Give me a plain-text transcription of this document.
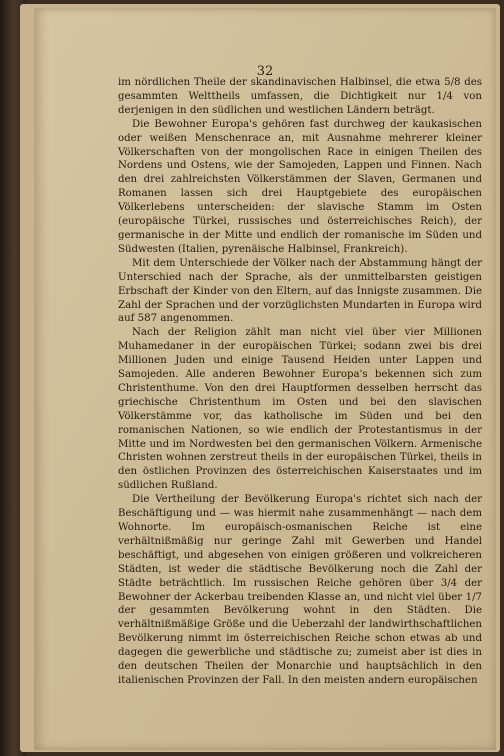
32

im nördlichen Theile der skandinavischen Halbinsel, die etwa 5/8 des gesammten Welttheils umfassen, die Dichtigkeit nur 1/4 von derjenigen in den südlichen und westlichen Ländern beträgt.

Die Bewohner Europa's gehören fast durchweg der kaukasischen oder weißen Menschenrace an, mit Ausnahme mehrerer kleiner Völkerschaften von der mongolischen Race in einigen Theilen des Nordens und Ostens, wie der Samojeden, Lappen und Finnen. Nach den drei zahlreichsten Völkerstämmen der Slaven, Germanen und Romanen lassen sich drei Hauptgebiete des europäischen Völkerlebens unterscheiden: der slavische Stamm im Osten (europäische Türkei, russisches und österreichisches Reich), der germanische in der Mitte und endlich der romanische im Süden und Südwesten (Italien, pyrenäische Halbinsel, Frankreich).

Mit dem Unterschiede der Völker nach der Abstammung hängt der Unterschied nach der Sprache, als der unmittelbarsten geistigen Erbschaft der Kinder von den Eltern, auf das Innigste zusammen. Die Zahl der Sprachen und der vorzüglichsten Mundarten in Europa wird auf 587 angenommen.

Nach der Religion zählt man nicht viel über vier Millionen Muhamedaner in der europäischen Türkei; sodann zwei bis drei Millionen Juden und einige Tausend Heiden unter Lappen und Samojeden. Alle anderen Bewohner Europa's bekennen sich zum Christenthume. Von den drei Hauptformen desselben herrscht das griechische Christenthum im Osten und bei den slavischen Völkerstämme vor, das katholische im Süden und bei den romanischen Nationen, so wie endlich der Protestantismus in der Mitte und im Nordwesten bei den germanischen Völkern. Armenische Christen wohnen zerstreut theils in der europäischen Türkei, theils in den östlichen Provinzen des österreichischen Kaiserstaates und im südlichen Rußland.

Die Vertheilung der Bevölkerung Europa's richtet sich nach der Beschäftigung und — was hiermit nahe zusammenhängt — nach dem Wohnorte. Im europäisch-osmanischen Reiche ist eine verhältnißmäßig nur geringe Zahl mit Gewerben und Handel beschäftigt, und abgesehen von einigen größeren und volkreicheren Städten, ist weder die städtische Bevölkerung noch die Zahl der Städte beträchtlich. Im russischen Reiche gehören über 3/4 der Bewohner der Ackerbau treibenden Klasse an, und nicht viel über 1/7 der gesammten Bevölkerung wohnt in den Städten. Die verhältnißmäßige Größe und die Ueberzahl der landwirthschaftlichen Bevölkerung nimmt im österreichischen Reiche schon etwas ab und dagegen die gewerbliche und städtische zu; zumeist aber ist dies in den deutschen Theilen der Monarchie und hauptsächlich in den italienischen Provinzen der Fall. In den meisten andern europäischen
